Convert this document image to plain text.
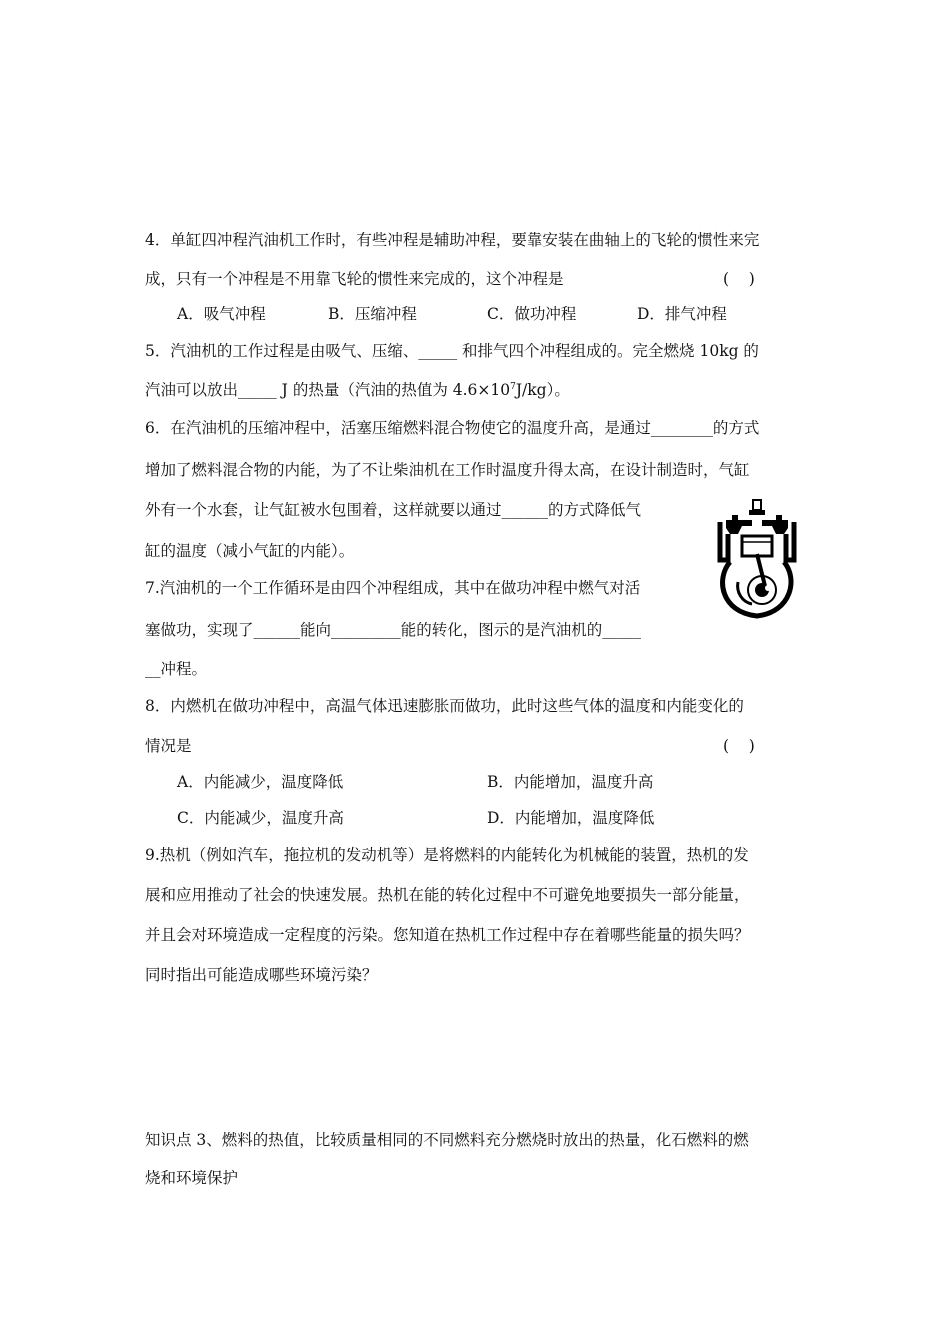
4．单缸四冲程汽油机工作时，有些冲程是辅助冲程，要靠安装在曲轴上的飞轮的惯性来完
成，只有一个冲程是不用靠飞轮的惯性来完成的，这个冲程是	(    )
A．吸气冲程	B．压缩冲程	C．做功冲程	D．排气冲程
5．汽油机的工作过程是由吸气、压缩、_____ 和排气四个冲程组成的。完全燃烧 10kg 的
汽油可以放出_____ J 的热量（汽油的热值为 $4.6\times 10^7J/kg$）。
6．在汽油机的压缩冲程中，活塞压缩燃料混合物使它的温度升高，是通过________的方式
增加了燃料混合物的内能，为了不让柴油机在工作时温度升得太高，在设计制造时，气缸
外有一个水套，让气缸被水包围着，这样就要以通过______的方式降低气
缸的温度（减小气缸的内能）。
7.汽油机的一个工作循环是由四个冲程组成，其中在做功冲程中燃气对活
塞做功，实现了______能向_________能的转化，图示的是汽油机的_____
__冲程。
8．内燃机在做功冲程中，高温气体迅速膨胀而做功，此时这些气体的温度和内能变化的
情况是	(    )
A．内能减少，温度降低	B．内能增加，温度升高
C．内能减少，温度升高	D．内能增加，温度降低
9.热机（例如汽车，拖拉机的发动机等）是将燃料的内能转化为机械能的装置，热机的发
展和应用推动了社会的快速发展。热机在能的转化过程中不可避免地要损失一部分能量，
并且会对环境造成一定程度的污染。您知道在热机工作过程中存在着哪些能量的损失吗？
同时指出可能造成哪些环境污染？
知识点 3、燃料的热值，比较质量相同的不同燃料充分燃烧时放出的热量，化石燃料的燃
烧和环境保护
